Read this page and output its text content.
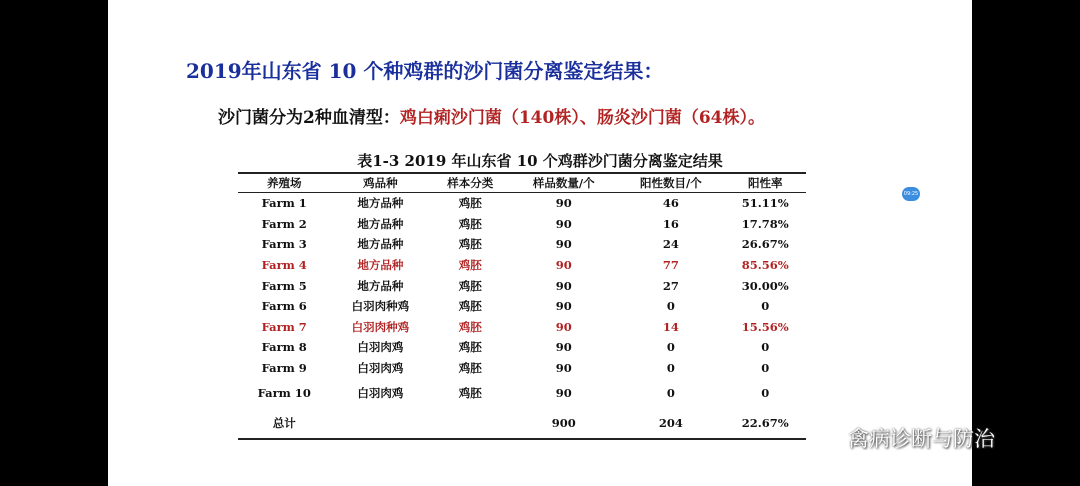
2019年山东省 10 个种鸡群的沙门菌分离鉴定结果：
沙门菌分为2种血清型：鸡白痢沙门菌（140株）、肠炎沙门菌（64株）。
表1-3 2019 年山东省 10 个鸡群沙门菌分离鉴定结果
养殖场	鸡品种	样本分类	样品数量/个	阳性数目/个	阳性率
Farm 1	地方品种	鸡胚	90	46	51.11%
Farm 2	地方品种	鸡胚	90	16	17.78%
Farm 3	地方品种	鸡胚	90	24	26.67%
Farm 4	地方品种	鸡胚	90	77	85.56%
Farm 5	地方品种	鸡胚	90	27	30.00%
Farm 6	白羽肉种鸡	鸡胚	90	0	0
Farm 7	白羽肉种鸡	鸡胚	90	14	15.56%
Farm 8	白羽肉鸡	鸡胚	90	0	0
Farm 9	白羽肉鸡	鸡胚	90	0	0
Farm 10	白羽肉鸡	鸡胚	90	0	0
总计			900	204	22.67%
09:25
禽病诊断与防治
